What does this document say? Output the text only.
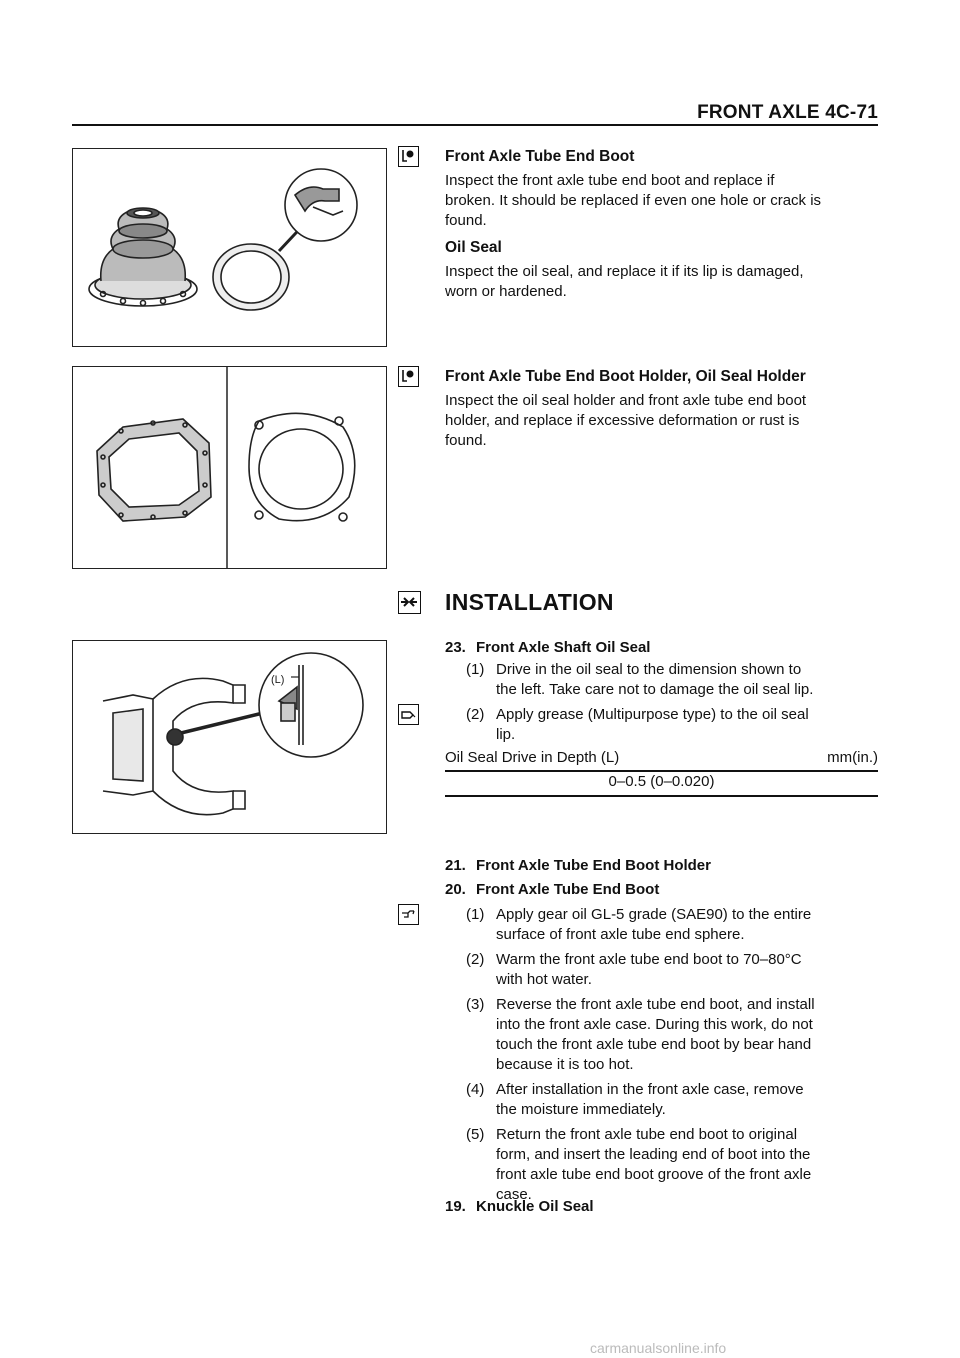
FRONT AXLE 4C-71
(L)
Front Axle Tube End Boot
Inspect the front axle tube end boot and replace if
broken. It should be replaced if even one hole or crack is
found.
Oil Seal
Inspect the oil seal, and replace it if its lip is damaged,
worn or hardened.
Front Axle Tube End Boot Holder, Oil Seal Holder
Inspect the oil seal holder and front axle tube end boot
holder, and replace if excessive deformation or rust is
found.
INSTALLATION
23. Front Axle Shaft Oil Seal
(1) Drive in the oil seal to the dimension shown to
the left. Take care not to damage the oil seal lip.
(2) Apply grease (Multipurpose type) to the oil seal
lip.
Oil Seal Drive in Depth (L)	mm(in.)
0–0.5 (0–0.020)
21. Front Axle Tube End Boot Holder
20. Front Axle Tube End Boot
(1) Apply gear oil GL-5 grade (SAE90) to the entire
surface of front axle tube end sphere.
(2) Warm the front axle tube end boot to 70–80°C
with hot water.
(3) Reverse the front axle tube end boot, and install
into the front axle case. During this work, do not
touch the front axle tube end boot by bear hand
because it is too hot.
(4) After installation in the front axle case, remove
the moisture immediately.
(5) Return the front axle tube end boot to original
form, and insert the leading end of boot into the
front axle tube end boot groove of the front axle
case.
19. Knuckle Oil Seal
carmanualsonline.info
